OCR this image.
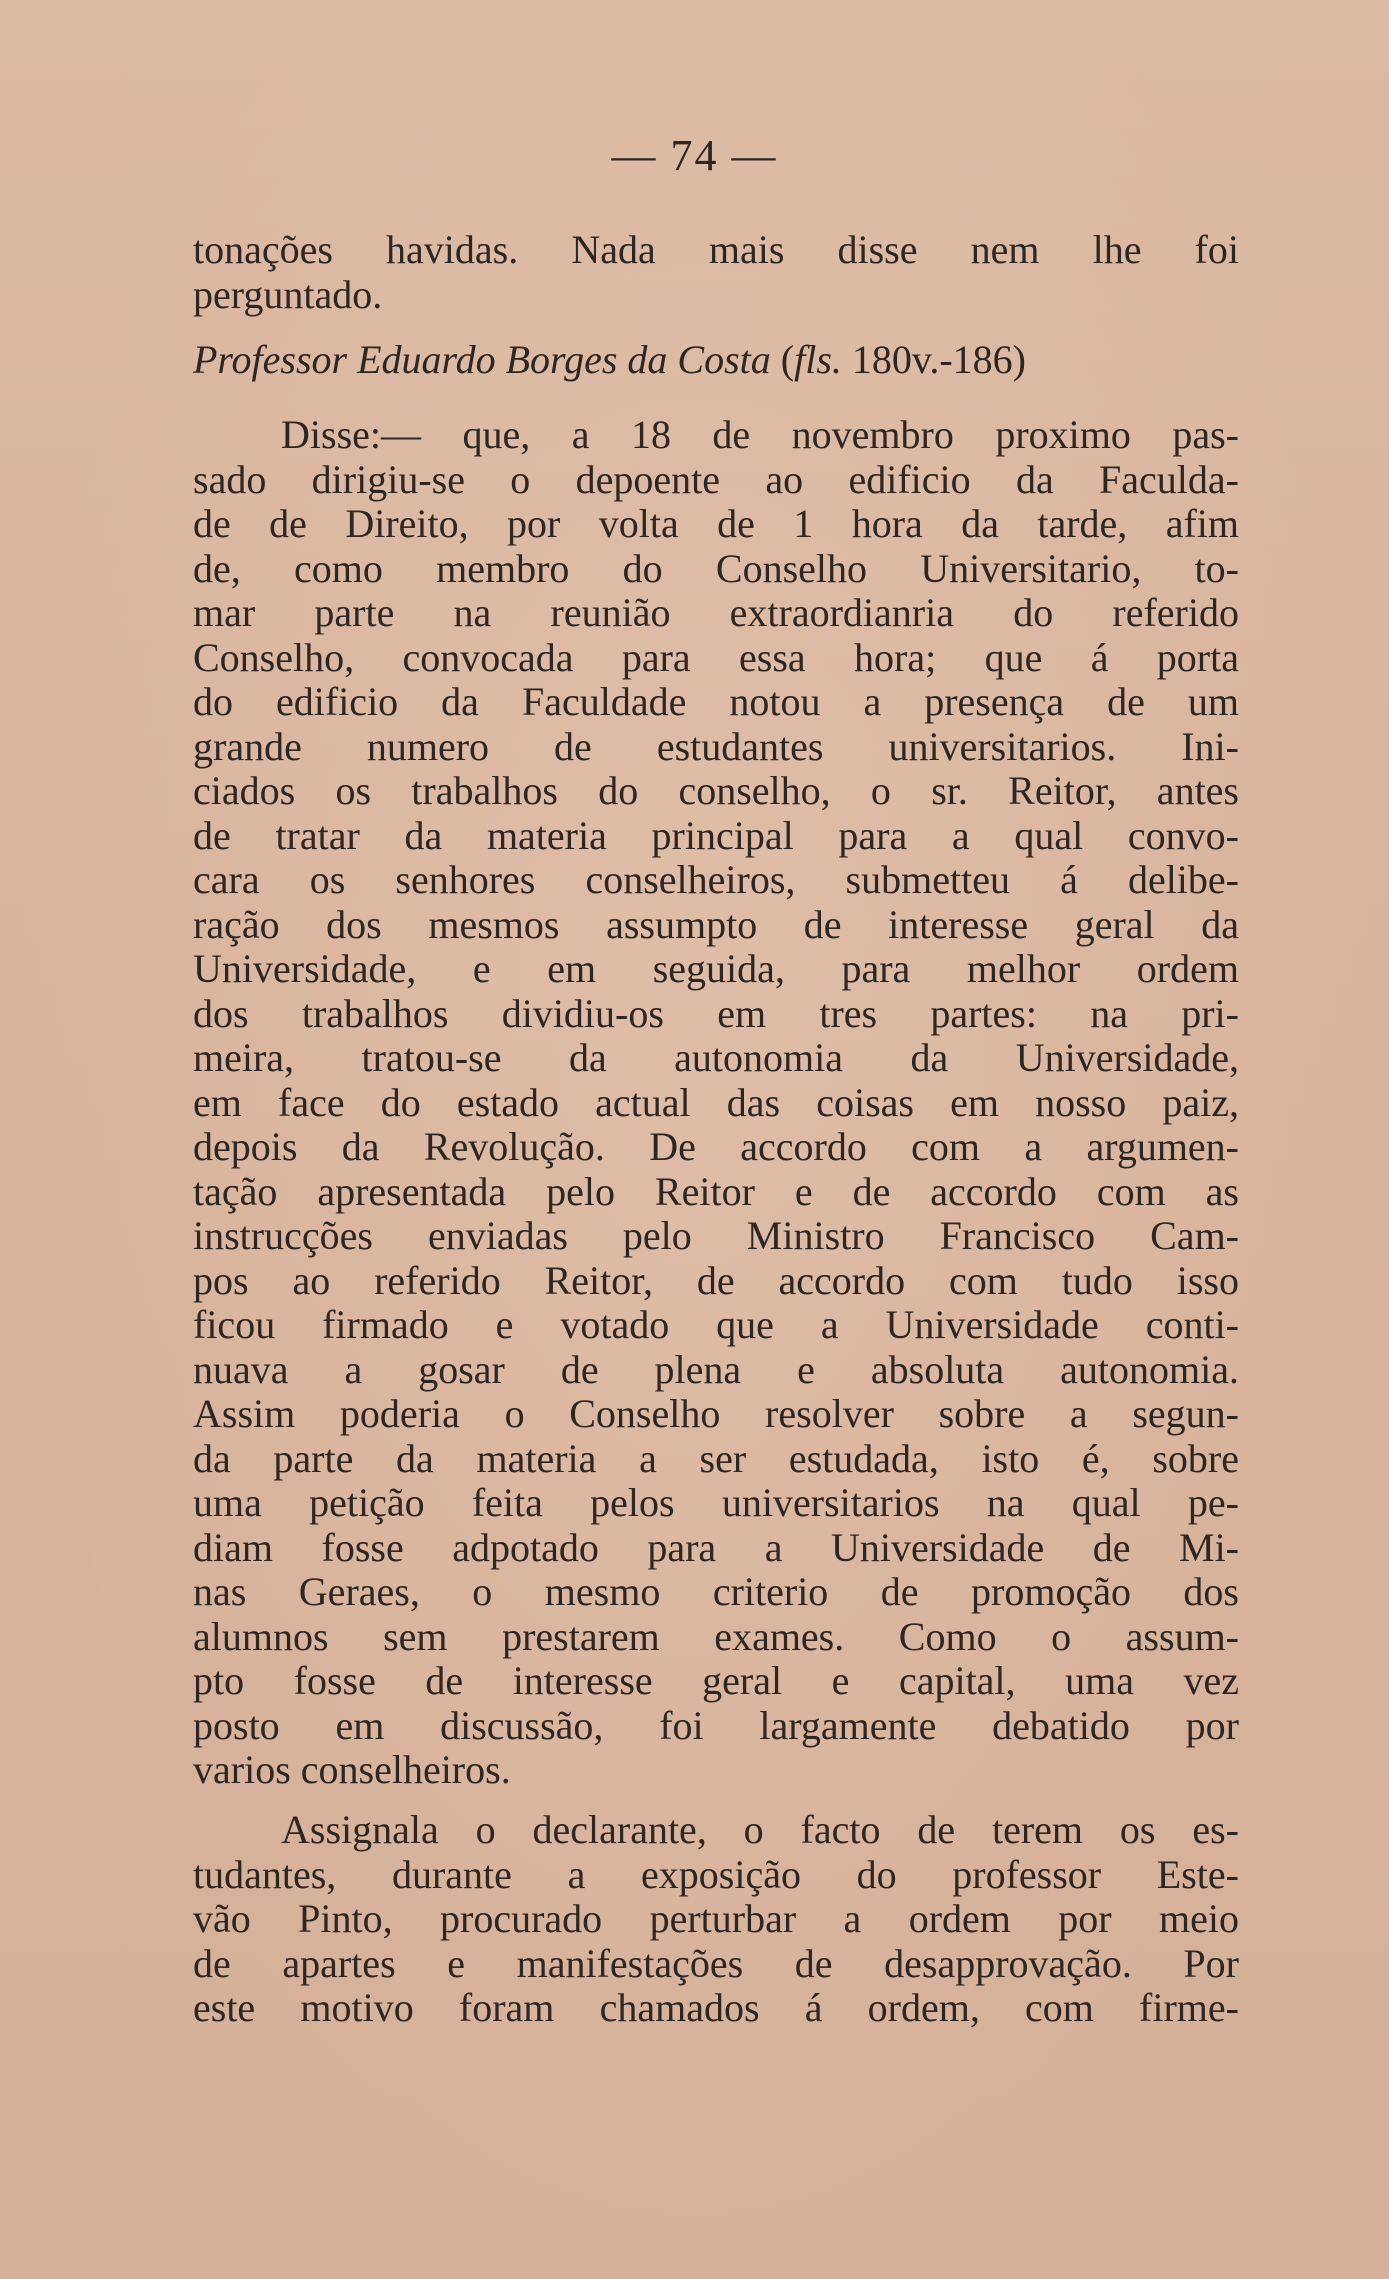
— 74 —
tonações havidas. Nada mais disse nem lhe foi
perguntado.
Professor Eduardo Borges da Costa (fls. 180v.-186)
Disse:— que, a 18 de novembro proximo pas-
sado dirigiu-se o depoente ao edificio da Faculda-
de de Direito, por volta de 1 hora da tarde, afim
de, como membro do Conselho Universitario, to-
mar parte na reunião extraordianria do referido
Conselho, convocada para essa hora; que á porta
do edificio da Faculdade notou a presença de um
grande numero de estudantes universitarios. Ini-
ciados os trabalhos do conselho, o sr. Reitor, antes
de tratar da materia principal para a qual convo-
cara os senhores conselheiros, submetteu á delibe-
ração dos mesmos assumpto de interesse geral da
Universidade, e em seguida, para melhor ordem
dos trabalhos dividiu-os em tres partes: na pri-
meira, tratou-se da autonomia da Universidade,
em face do estado actual das coisas em nosso paiz,
depois da Revolução. De accordo com a argumen-
tação apresentada pelo Reitor e de accordo com as
instrucções enviadas pelo Ministro Francisco Cam-
pos ao referido Reitor, de accordo com tudo isso
ficou firmado e votado que a Universidade conti-
nuava a gosar de plena e absoluta autonomia.
Assim poderia o Conselho resolver sobre a segun-
da parte da materia a ser estudada, isto é, sobre
uma petição feita pelos universitarios na qual pe-
diam fosse adpotado para a Universidade de Mi-
nas Geraes, o mesmo criterio de promoção dos
alumnos sem prestarem exames. Como o assum-
pto fosse de interesse geral e capital, uma vez
posto em discussão, foi largamente debatido por
varios conselheiros.
Assignala o declarante, o facto de terem os es-
tudantes, durante a exposição do professor Este-
vão Pinto, procurado perturbar a ordem por meio
de apartes e manifestações de desapprovação. Por
este motivo foram chamados á ordem, com firme-
